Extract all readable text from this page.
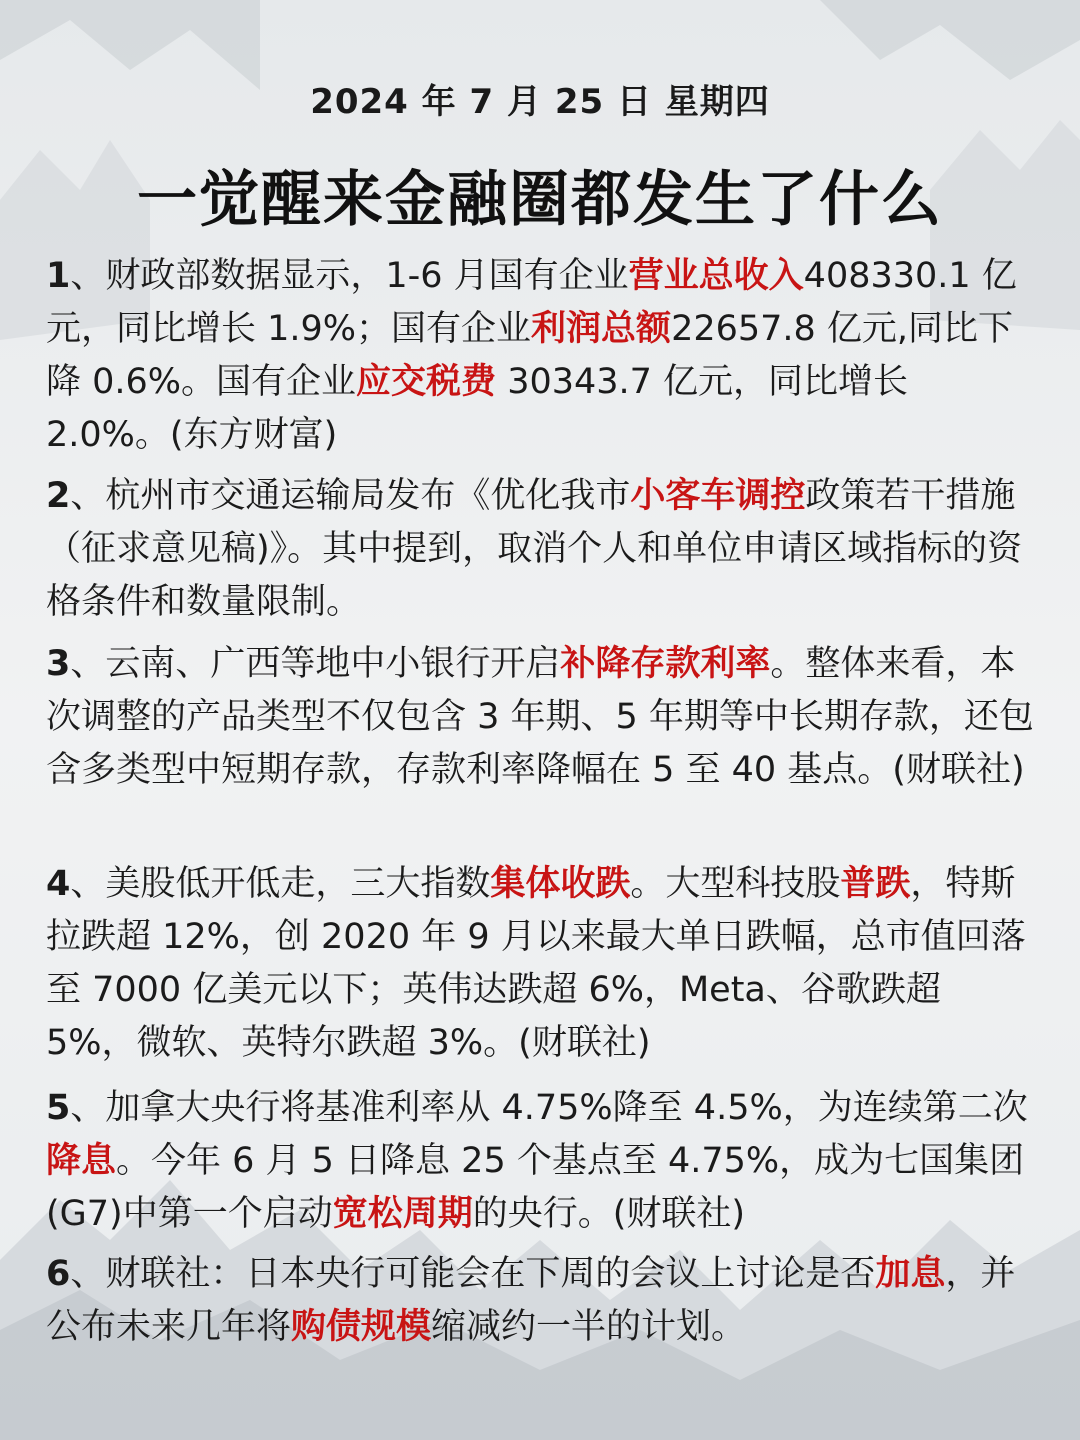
2024 年 7 月 25 日 星期四
一觉醒来金融圈都发生了什么

1、财政部数据显示，1-6 月国有企业营业总收入408330.1 亿元，同比增长 1.9%；国有企业利润总额22657.8 亿元,同比下降 0.6%。国有企业应交税费 30343.7 亿元，同比增长 2.0%。(东方财富)

2、杭州市交通运输局发布《优化我市小客车调控政策若干措施（征求意见稿)》。其中提到，取消个人和单位申请区域指标的资格条件和数量限制。

3、云南、广西等地中小银行开启补降存款利率。整体来看，本次调整的产品类型不仅包含 3 年期、5 年期等中长期存款，还包含多类型中短期存款，存款利率降幅在 5 至 40 基点。(财联社)

4、美股低开低走，三大指数集体收跌。大型科技股普跌，特斯拉跌超 12%，创 2020 年 9 月以来最大单日跌幅，总市值回落至 7000 亿美元以下；英伟达跌超 6%，Meta、谷歌跌超 5%，微软、英特尔跌超 3%。(财联社)

5、加拿大央行将基准利率从 4.75%降至 4.5%，为连续第二次降息。今年 6 月 5 日降息 25 个基点至 4.75%，成为七国集团(G7)中第一个启动宽松周期的央行。(财联社)

6、财联社：日本央行可能会在下周的会议上讨论是否加息，并公布未来几年将购债规模缩减约一半的计划。
